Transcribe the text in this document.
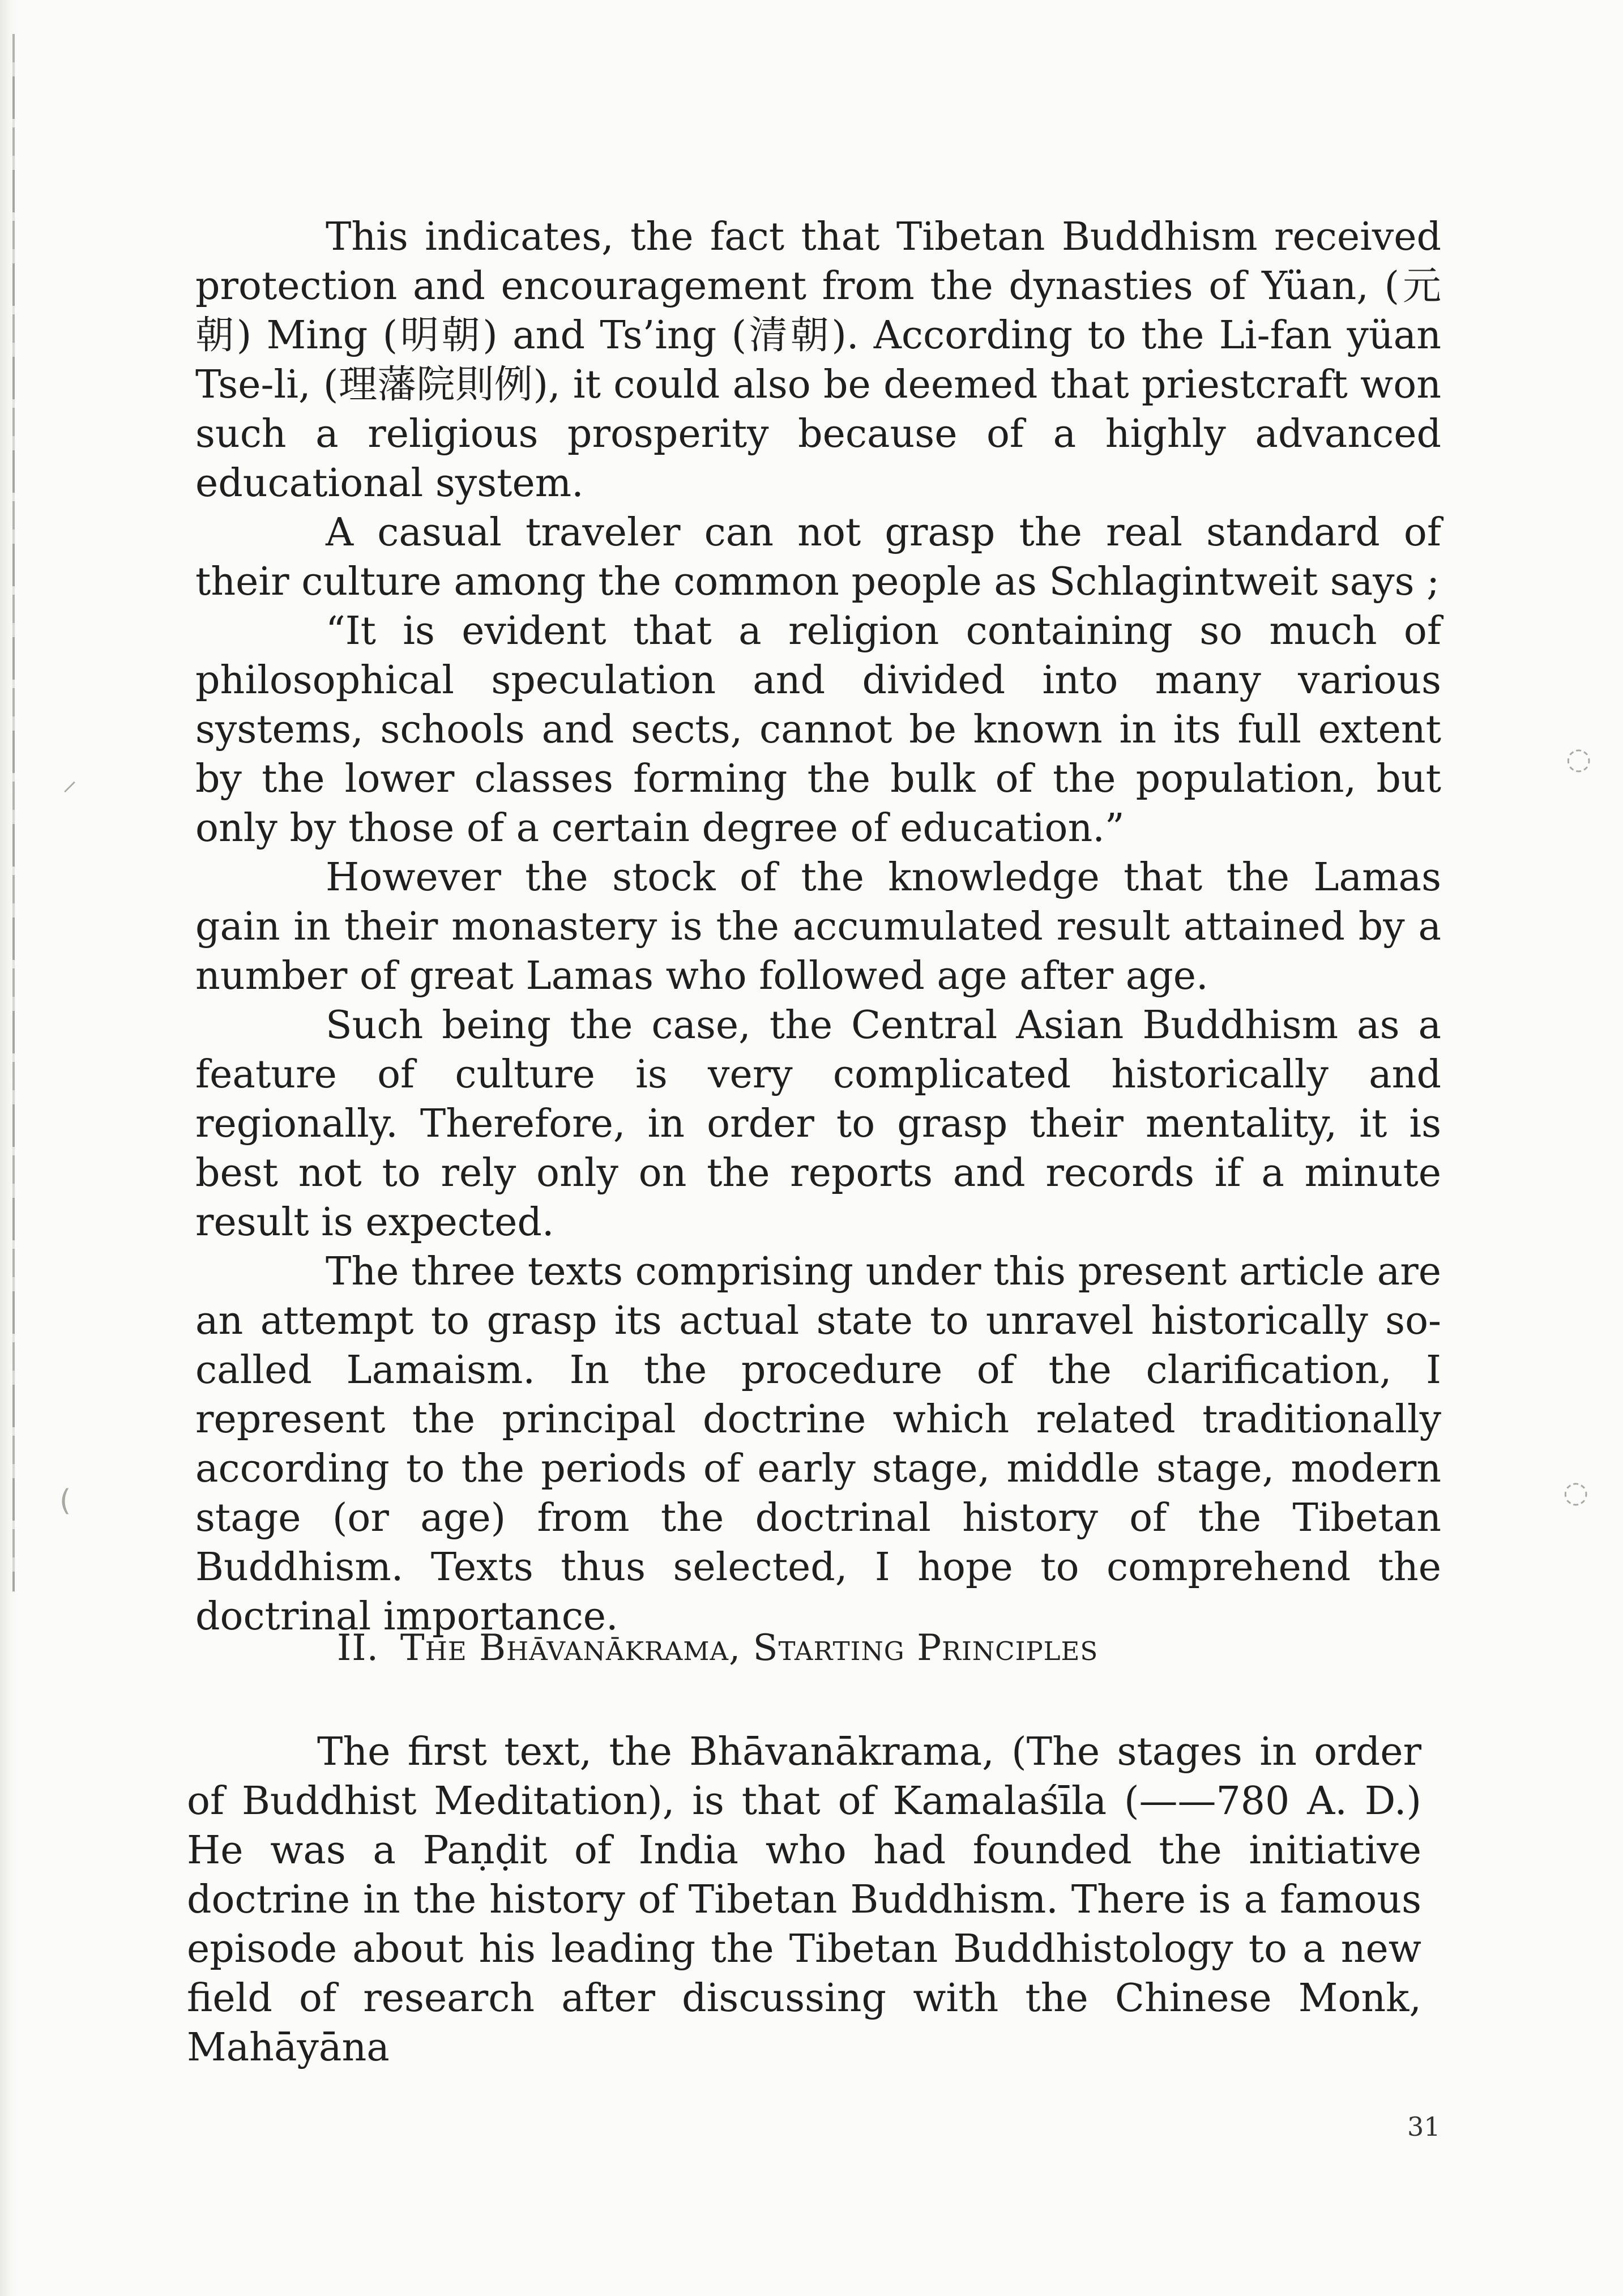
⸝
(
◌
◌

This indicates, the fact that Tibetan Buddhism received protection and encouragement from the dynasties of Yüan, (元朝) Ming (明朝) and Ts’ing (清朝). According to the Li-fan yüan Tse-li, (理藩院則例), it could also be deemed that priestcraft won such a religious prosperity because of a highly advanced educational system.

A casual traveler can not grasp the real standard of their culture among the common people as Schlagintweit says ;

“It is evident that a religion containing so much of philosophical speculation and divided into many various systems, schools and sects, cannot be known in its full extent by the lower classes forming the bulk of the population, but only by those of a certain degree of education.”

However the stock of the knowledge that the Lamas gain in their monastery is the accumulated result attained by a number of great Lamas who followed age after age.

Such being the case, the Central Asian Buddhism as a feature of culture is very complicated historically and regionally. Therefore, in order to grasp their mentality, it is best not to rely only on the reports and records if a minute result is expected.

The three texts comprising under this present article are an attempt to grasp its actual state to unravel historically so-called Lamaism. In the procedure of the clarification, I represent the principal doctrine which related traditionally according to the periods of early stage, middle stage, modern stage (or age) from the doctrinal history of the Tibetan Buddhism. Texts thus selected, I hope to comprehend the doctrinal importance.

II. The Bhāvanākrama, Starting Principles

The first text, the Bhāvanākrama, (The stages in order of Buddhist Meditation), is that of Kamalaśīla (——780 A. D.) He was a Paṇḍit of India who had founded the initiative doctrine in the history of Tibetan Buddhism. There is a famous episode about his leading the Tibetan Buddhistology to a new field of research after discussing with the Chinese Monk, Mahāyāna

31
